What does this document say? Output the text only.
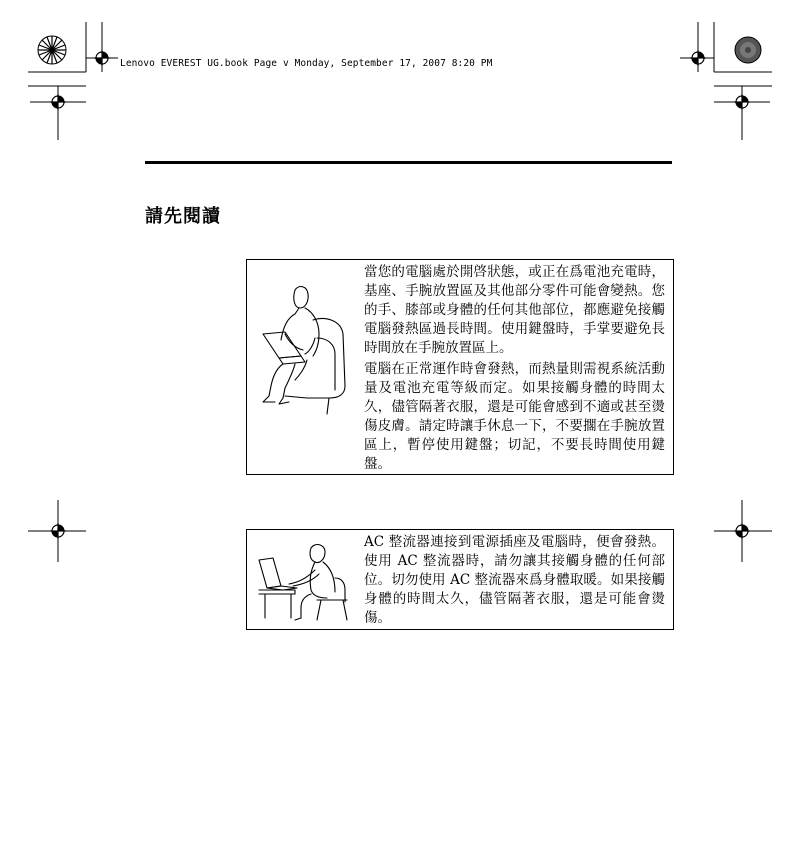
Lenovo EVEREST UG.book Page v Monday, September 17, 2007 8:20 PM
請先閱讀

當您的電腦處於開啓狀態，或正在爲電池充電時，基座、手腕放置區及其他部分零件可能會變熱。您的手、膝部或身體的任何其他部位，都應避免接觸電腦發熱區過長時間。使用鍵盤時，手掌要避免長時間放在手腕放置區上。

電腦在正常運作時會發熱，而熱量則需視系統活動量及電池充電等級而定。如果接觸身體的時間太久，儘管隔著衣服，還是可能會感到不適或甚至燙傷皮膚。請定時讓手休息一下，不要擱在手腕放置區上，暫停使用鍵盤；切記，不要長時間使用鍵盤。

AC 整流器連接到電源插座及電腦時，便會發熱。使用 AC 整流器時，請勿讓其接觸身體的任何部位。切勿使用 AC 整流器來爲身體取暖。如果接觸身體的時間太久，儘管隔著衣服，還是可能會燙傷。
